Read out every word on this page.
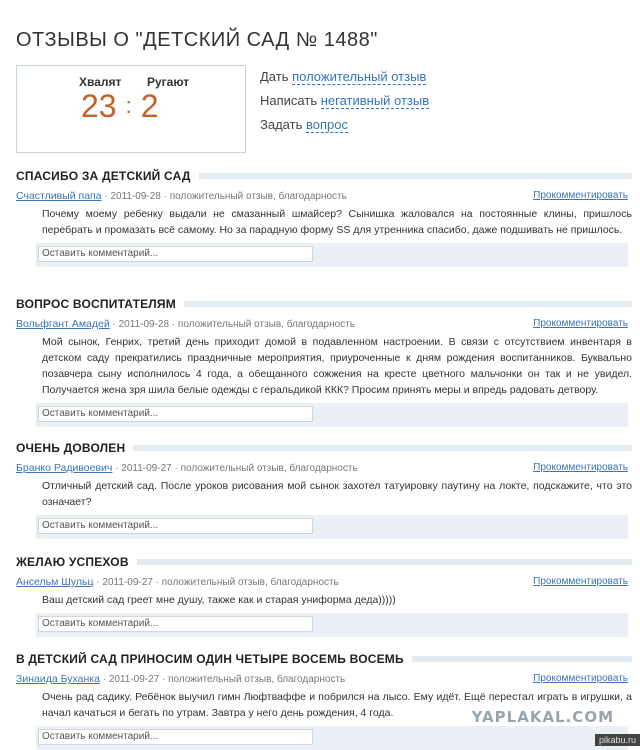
ОТЗЫВЫ О "ДЕТСКИЙ САД № 1488"
Хвалят Ругают
23 : 2
Дать положительный отзыв
Написать негативный отзыв
Задать вопрос
СПАСИБО ЗА ДЕТСКИЙ САД
Счастливый папа · 2011-09-28 · положительный отзыв, благодарность	Прокомментировать

Почему моему ребенку выдали не смазанный шмайсер? Сынишка жаловался на постоянные клины, пришлось перебрать и промазать всё самому. Но за парадную форму SS для утренника спасибо, даже подшивать не пришлось.

Оставить комментарий...
ВОПРОС ВОСПИТАТЕЛЯМ
Вольфгант Амадей · 2011-09-28 · положительный отзыв, благодарность	Прокомментировать

Мой сынок, Генрих, третий день приходит домой в подавленном настроении. В связи с отсутствием инвентаря в детском саду прекратились праздничные мероприятия, приуроченные к дням рождения воспитанников. Буквально позавчера сыну исполнилось 4 года, а обещанного сожжения на кресте цветного мальчонки он так и не увидел. Получается жена зря шила белые одежды с геральдикой ККК? Просим принять меры и впредь радовать детвору.

Оставить комментарий...
ОЧЕНЬ ДОВОЛЕН
Бранко Радивоевич · 2011-09-27 · положительный отзыв, благодарность	Прокомментировать

Отличный детский сад. После уроков рисования мой сынок захотел татуировку паутину на локте, подскажите, что это означает?

Оставить комментарий...
ЖЕЛАЮ УСПЕХОВ
Ансельм Шульц · 2011-09-27 · положительный отзыв, благодарность	Прокомментировать

Ваш детский сад греет мне душу, также как и старая униформа деда)))))

Оставить комментарий...
В ДЕТСКИЙ САД ПРИНОСИМ ОДИН ЧЕТЫРЕ ВОСЕМЬ ВОСЕМЬ
Зинаида Буханка · 2011-09-27 · положительный отзыв, благодарность	Прокомментировать

Очень рад садику. Ребёнок выучил гимн Люфтваффе и побрился на лысо. Ему идёт. Ещё перестал играть в игрушки, а начал качаться и бегать по утрам. Завтра у него день рождения, 4 года.

Оставить комментарий...
YAPLAKAL.COM
pikabu.ru
